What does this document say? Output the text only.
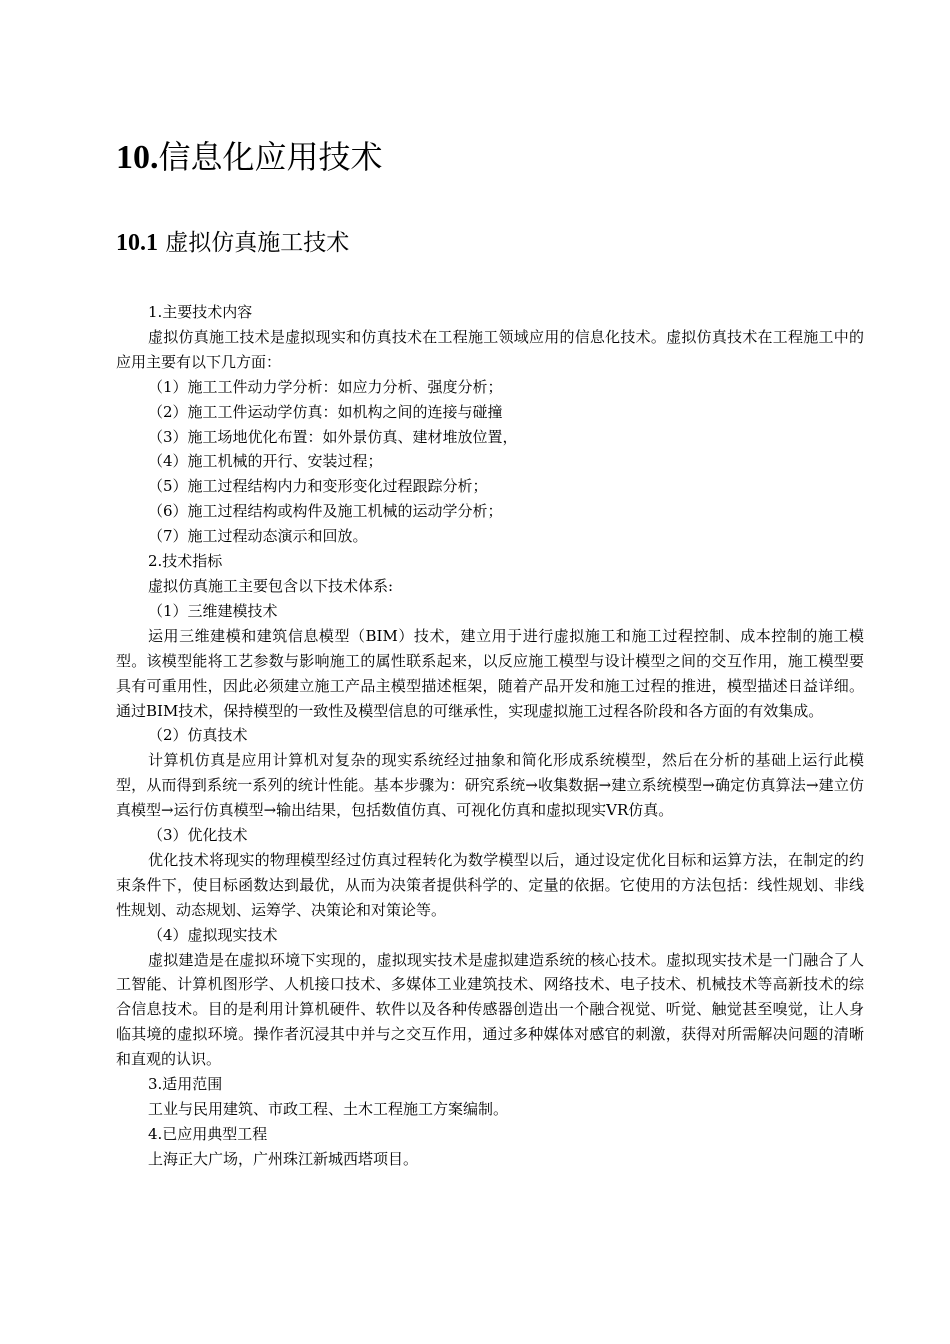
10.信息化应用技术
10.1 虚拟仿真施工技术

1.主要技术内容

虚拟仿真施工技术是虚拟现实和仿真技术在工程施工领域应用的信息化技术。虚拟仿真技术在工程施工中的应用主要有以下几方面：

（1）施工工件动力学分析：如应力分析、强度分析；

（2）施工工件运动学仿真：如机构之间的连接与碰撞

（3）施工场地优化布置：如外景仿真、建材堆放位置，

（4）施工机械的开行、安装过程；

（5）施工过程结构内力和变形变化过程跟踪分析；

（6）施工过程结构或构件及施工机械的运动学分析；

（7）施工过程动态演示和回放。

2.技术指标

虚拟仿真施工主要包含以下技术体系:

（1）三维建模技术

运用三维建模和建筑信息模型（BIM）技术，建立用于进行虚拟施工和施工过程控制、成本控制的施工模型。该模型能将工艺参数与影响施工的属性联系起来，以反应施工模型与设计模型之间的交互作用，施工模型要具有可重用性，因此必须建立施工产品主模型描述框架，随着产品开发和施工过程的推进，模型描述日益详细。通过BIM技术，保持模型的一致性及模型信息的可继承性，实现虚拟施工过程各阶段和各方面的有效集成。

（2）仿真技术

计算机仿真是应用计算机对复杂的现实系统经过抽象和简化形成系统模型，然后在分析的基础上运行此模型，从而得到系统一系列的统计性能。基本步骤为：研究系统→收集数据→建立系统模型→确定仿真算法→建立仿真模型→运行仿真模型→输出结果，包括数值仿真、可视化仿真和虚拟现实VR仿真。

（3）优化技术

优化技术将现实的物理模型经过仿真过程转化为数学模型以后，通过设定优化目标和运算方法，在制定的约束条件下，使目标函数达到最优，从而为决策者提供科学的、定量的依据。它使用的方法包括：线性规划、非线性规划、动态规划、运筹学、决策论和对策论等。

（4）虚拟现实技术

虚拟建造是在虚拟环境下实现的，虚拟现实技术是虚拟建造系统的核心技术。虚拟现实技术是一门融合了人工智能、计算机图形学、人机接口技术、多媒体工业建筑技术、网络技术、电子技术、机械技术等高新技术的综合信息技术。目的是利用计算机硬件、软件以及各种传感器创造出一个融合视觉、听觉、触觉甚至嗅觉，让人身临其境的虚拟环境。操作者沉浸其中并与之交互作用，通过多种媒体对感官的刺激，获得对所需解决问题的清晰和直观的认识。

3.适用范围

工业与民用建筑、市政工程、土木工程施工方案编制。

4.已应用典型工程

上海正大广场，广州珠江新城西塔项目。
